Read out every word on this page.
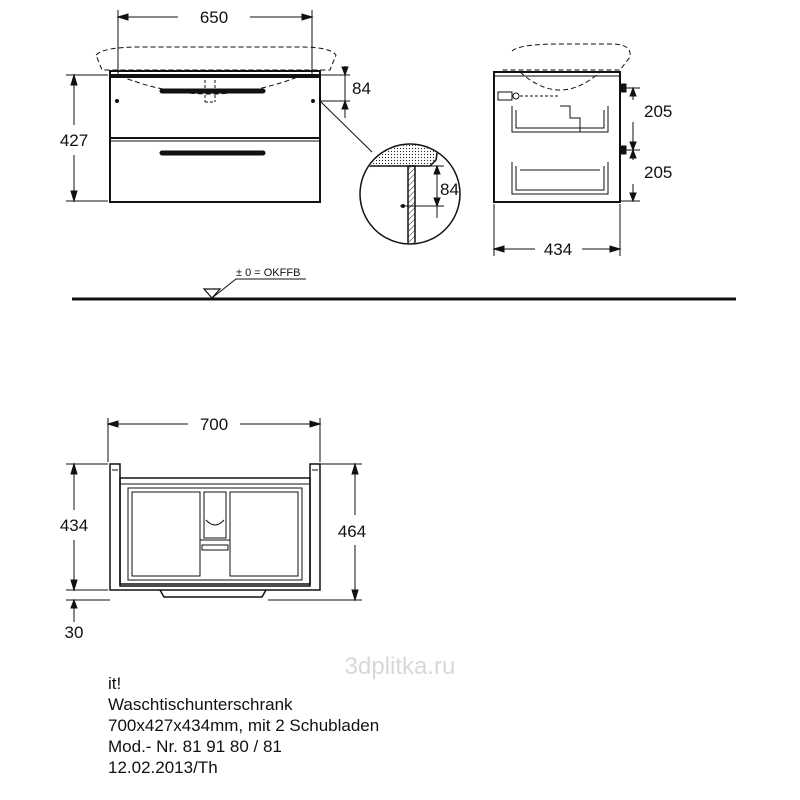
650
427
84
84
205
205
434
± 0 = OKFFB
700
434	464
30
3dplitka.ru
it!
Waschtischunterschrank
700x427x434mm, mit 2 Schubladen
Mod.- Nr. 81 91 80 / 81
12.02.2013/Th
